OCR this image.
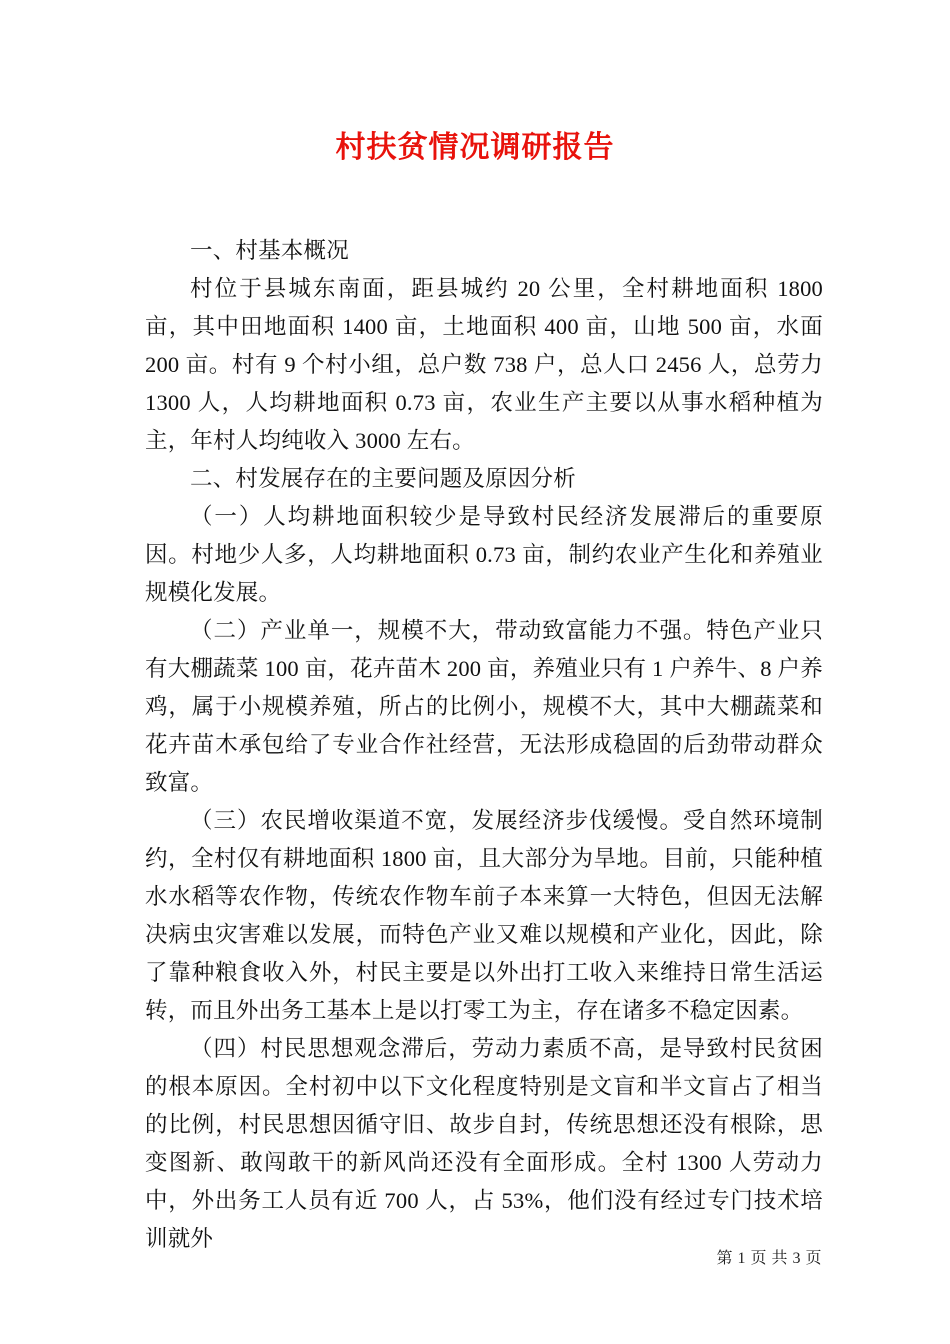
村扶贫情况调研报告

一、村基本概况

村位于县城东南面，距县城约 20 公里，全村耕地面积 1800 亩，其中田地面积 1400 亩，土地面积 400 亩，山地 500 亩，水面 200 亩。村有 9 个村小组，总户数 738 户，总人口 2456 人，总劳力 1300 人，人均耕地面积 0.73 亩，农业生产主要以从事水稻种植为主，年村人均纯收入 3000 左右。

二、村发展存在的主要问题及原因分析

（一）人均耕地面积较少是导致村民经济发展滞后的重要原因。村地少人多，人均耕地面积 0.73 亩，制约农业产生化和养殖业规模化发展。

（二）产业单一，规模不大，带动致富能力不强。特色产业只有大棚蔬菜 100 亩，花卉苗木 200 亩，养殖业只有 1 户养牛、8 户养鸡，属于小规模养殖，所占的比例小，规模不大，其中大棚蔬菜和花卉苗木承包给了专业合作社经营，无法形成稳固的后劲带动群众致富。

（三）农民增收渠道不宽，发展经济步伐缓慢。受自然环境制约，全村仅有耕地面积 1800 亩，且大部分为旱地。目前，只能种植水水稻等农作物，传统农作物车前子本来算一大特色，但因无法解决病虫灾害难以发展，而特色产业又难以规模和产业化，因此，除了靠种粮食收入外，村民主要是以外出打工收入来维持日常生活运转，而且外出务工基本上是以打零工为主，存在诸多不稳定因素。

（四）村民思想观念滞后，劳动力素质不高，是导致村民贫困的根本原因。全村初中以下文化程度特别是文盲和半文盲占了相当的比例，村民思想因循守旧、故步自封，传统思想还没有根除，思变图新、敢闯敢干的新风尚还没有全面形成。全村 1300 人劳动力中，外出务工人员有近 700 人，占 53%，他们没有经过专门技术培训就外

第 1 页 共 3 页
